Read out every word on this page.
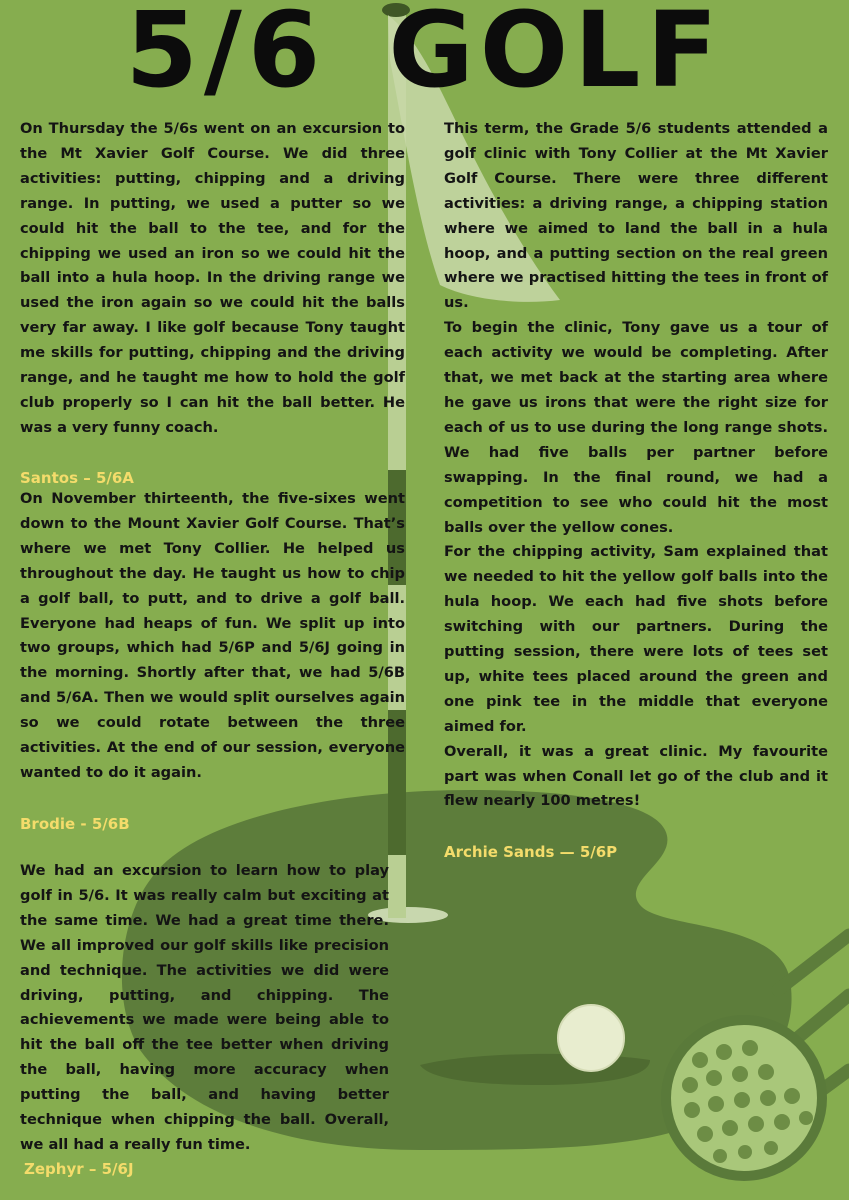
5/6 GOLF

On Thursday the 5/6s went on an excursion to the Mt Xavier Golf Course. We did three activities: putting, chipping and a driving range. In putting, we used a putter so we could hit the ball to the tee, and for the chipping we used an iron so we could hit the ball into a hula hoop. In the driving range we used the iron again so we could hit the balls very far away. I like golf because Tony taught me skills for putting, chipping and the driving range, and he taught me how to hold the golf club properly so I can hit the ball better. He was a very funny coach.

Santos – 5/6A

On November thirteenth, the five-sixes went down to the Mount Xavier Golf Course. That’s where we met Tony Collier. He helped us throughout the day. He taught us how to chip a golf ball, to putt, and to drive a golf ball. Everyone had heaps of fun. We split up into two groups, which had 5/6P and 5/6J going in the morning. Shortly after that, we had 5/6B and 5/6A. Then we would split ourselves again so we could rotate between the three activities. At the end of our session, everyone wanted to do it again.

Brodie - 5/6B

We had an excursion to learn how to play golf in 5/6. It was really calm but exciting at the same time. We had a great time there. We all improved our golf skills like precision and technique. The activities we did were driving, putting, and chipping. The achievements we made were being able to hit the ball off the tee better when driving the ball, having more accuracy when putting the ball, and having better technique when chipping the ball. Overall, we all had a really fun time.

Zephyr – 5/6J

This term, the Grade 5/6 students attended a golf clinic with Tony Collier at the Mt Xavier Golf Course. There were three different activities: a driving range, a chipping station where we aimed to land the ball in a hula hoop, and a putting section on the real green where we practised hitting the tees in front of us.

To begin the clinic, Tony gave us a tour of each activity we would be completing. After that, we met back at the starting area where he gave us irons that were the right size for each of us to use during the long range shots. We had five balls per partner before swapping. In the final round, we had a competition to see who could hit the most balls over the yellow cones.

For the chipping activity, Sam explained that we needed to hit the yellow golf balls into the hula hoop. We each had five shots before switching with our partners. During the putting session, there were lots of tees set up, white tees placed around the green and one pink tee in the middle that everyone aimed for.

Overall, it was a great clinic. My favourite part was when Conall let go of the club and it flew nearly 100 metres!

Archie Sands — 5/6P
